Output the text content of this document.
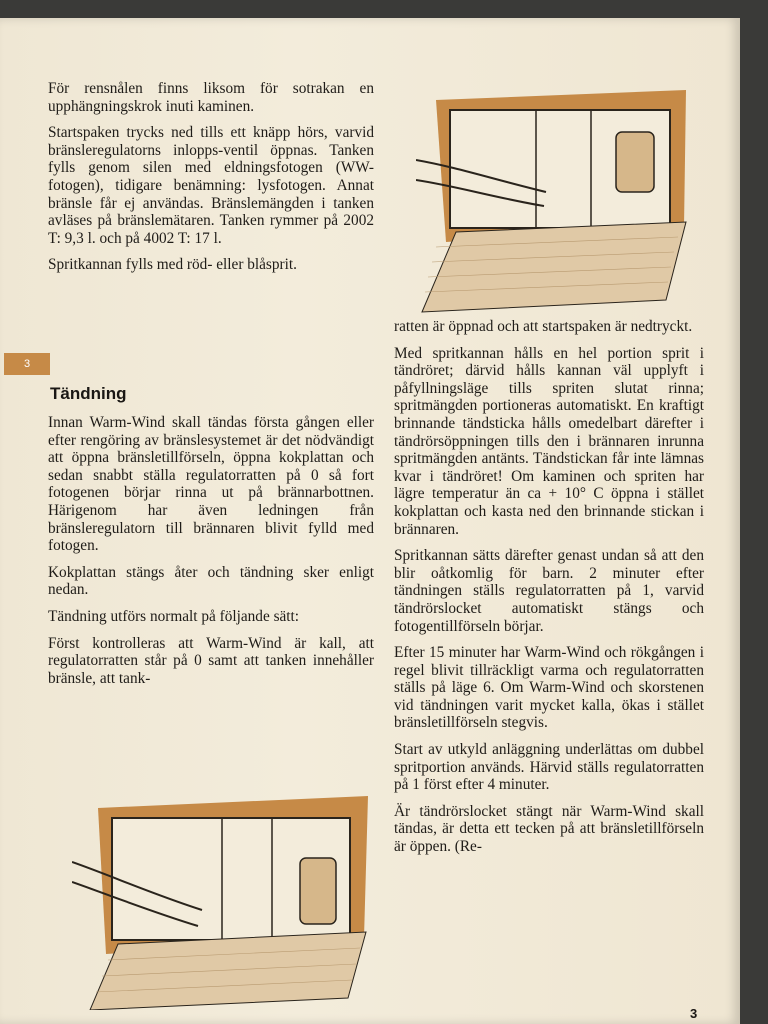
För rensnålen finns liksom för sotrakan en upphängningskrok inuti kaminen.

Startspaken trycks ned tills ett knäpp hörs, varvid bränsleregulatorns inlopps-ventil öppnas. Tanken fylls genom silen med eldningsfotogen (WW-fotogen), tidigare benämning: lysfotogen. Annat bränsle får ej användas. Bränslemängden i tanken avläses på bränslemätaren. Tanken rymmer på 2002 T: 9,3 l. och på 4002 T: 17 l.

Spritkannan fylls med röd- eller blåsprit.

3
Tändning

Innan Warm-Wind skall tändas första gången eller efter rengöring av bränslesystemet är det nödvändigt att öppna bränsletillförseln, öppna kokplattan och sedan snabbt ställa regulatorratten på 0 så fort fotogenen börjar rinna ut på brännarbottnen. Härigenom har även ledningen från bränsleregulatorn till brännaren blivit fylld med fotogen.

Kokplattan stängs åter och tändning sker enligt nedan.

Tändning utförs normalt på följande sätt:

Först kontrolleras att Warm-Wind är kall, att regulatorratten står på 0 samt att tanken innehåller bränsle, att tank-

ratten är öppnad och att startspaken är nedtryckt.

Med spritkannan hålls en hel portion sprit i tändröret; därvid hålls kannan väl upplyft i påfyllningsläge tills spriten slutat rinna; spritmängden portioneras automatiskt. En kraftigt brinnande tändsticka hålls omedelbart därefter i tändrörsöppningen tills den i brännaren inrunna spritmängden antänts. Tändstickan får inte lämnas kvar i tändröret! Om kaminen och spriten har lägre temperatur än ca + 10° C öppna i stället kokplattan och kasta ned den brinnande stickan i brännaren.

Spritkannan sätts därefter genast undan så att den blir oåtkomlig för barn. 2 minuter efter tändningen ställs regulatorratten på 1, varvid tändrörslocket automatiskt stängs och fotogentillförseln börjar.

Efter 15 minuter har Warm-Wind och rökgången i regel blivit tillräckligt varma och regulatorratten ställs på läge 6. Om Warm-Wind och skorstenen vid tändningen varit mycket kalla, ökas i stället bränsletillförseln stegvis.

Start av utkyld anläggning underlättas om dubbel spritportion används. Härvid ställs regulatorratten på 1 först efter 4 minuter.

Är tändrörslocket stängt när Warm-Wind skall tändas, är detta ett tecken på att bränsletillförseln är öppen. (Re-

3
